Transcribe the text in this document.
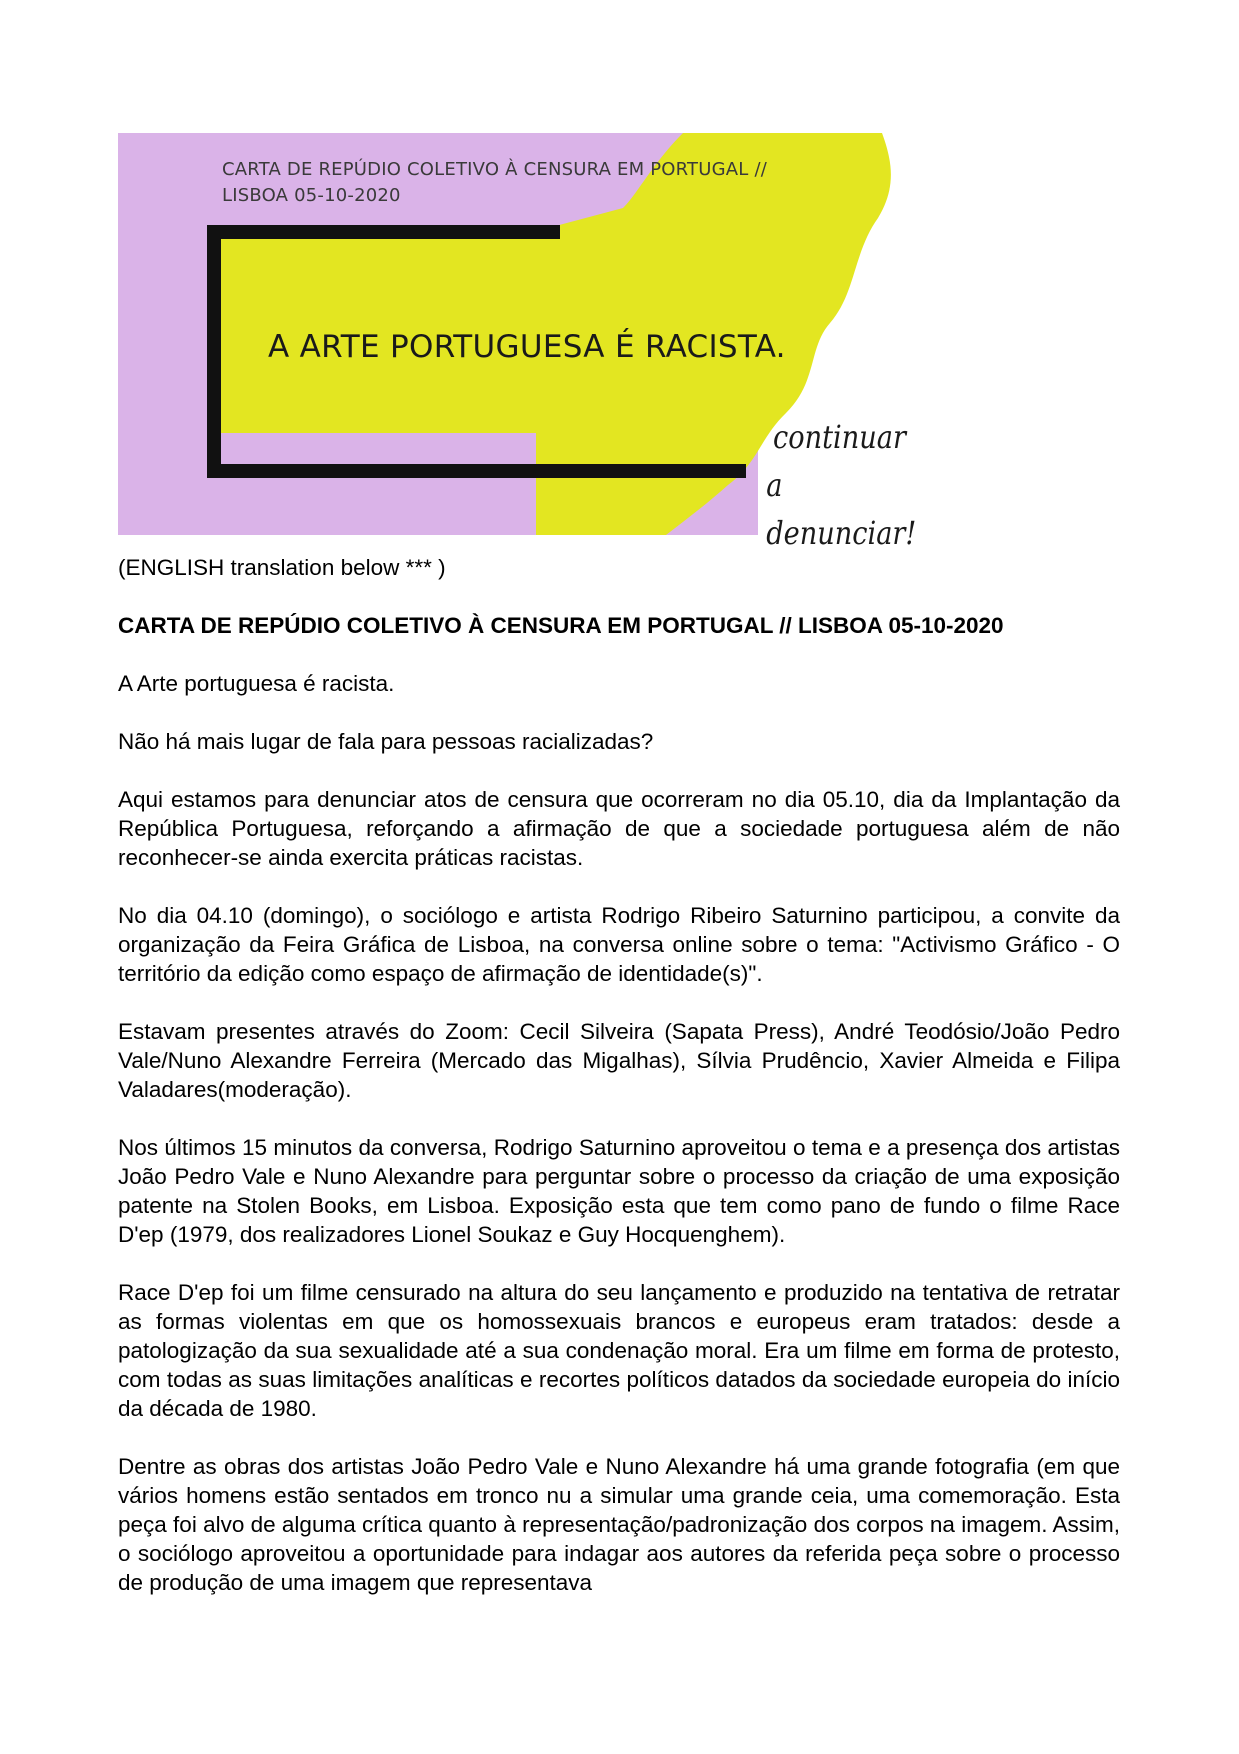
CARTA DE REPÚDIO COLETIVO À CENSURA EM PORTUGAL //
LISBOA 05-10-2020
A ARTE PORTUGUESA É RACISTA.
continuar
a denunciar!

(ENGLISH translation below *** )

CARTA DE REPÚDIO COLETIVO À CENSURA EM PORTUGAL // LISBOA 05-10-2020

A Arte portuguesa é racista.

Não há mais lugar de fala para pessoas racializadas?

Aqui estamos para denunciar atos de censura que ocorreram no dia 05.10, dia da Implantação da República Portuguesa, reforçando a afirmação de que a sociedade portuguesa além de não reconhecer-se ainda exercita práticas racistas.

No dia 04.10 (domingo), o sociólogo e artista Rodrigo Ribeiro Saturnino participou, a convite da organização da Feira Gráfica de Lisboa, na conversa online sobre o tema: "Activismo Gráfico - O território da edição como espaço de afirmação de identidade(s)".

Estavam presentes através do Zoom: Cecil Silveira (Sapata Press), André Teodósio/João Pedro Vale/Nuno Alexandre Ferreira (Mercado das Migalhas), Sílvia Prudêncio, Xavier Almeida e Filipa Valadares(moderação).

Nos últimos 15 minutos da conversa, Rodrigo Saturnino aproveitou o tema e a presença dos artistas João Pedro Vale e Nuno Alexandre para perguntar sobre o processo da criação de uma exposição patente na Stolen Books, em Lisboa. Exposição esta que tem como pano de fundo o filme Race D'ep (1979, dos realizadores Lionel Soukaz e Guy Hocquenghem).

Race D'ep foi um filme censurado na altura do seu lançamento e produzido na tentativa de retratar as formas violentas em que os homossexuais brancos e europeus eram tratados: desde a patologização da sua sexualidade até a sua condenação moral. Era um filme em forma de protesto, com todas as suas limitações analíticas e recortes políticos datados da sociedade europeia do início da década de 1980.

Dentre as obras dos artistas João Pedro Vale e Nuno Alexandre há uma grande fotografia (em que vários homens estão sentados em tronco nu a simular uma grande ceia, uma comemoração. Esta peça foi alvo de alguma crítica quanto à representação/padronização dos corpos na imagem. Assim, o sociólogo aproveitou a oportunidade para indagar aos autores da referida peça sobre o processo de produção de uma imagem que representava
